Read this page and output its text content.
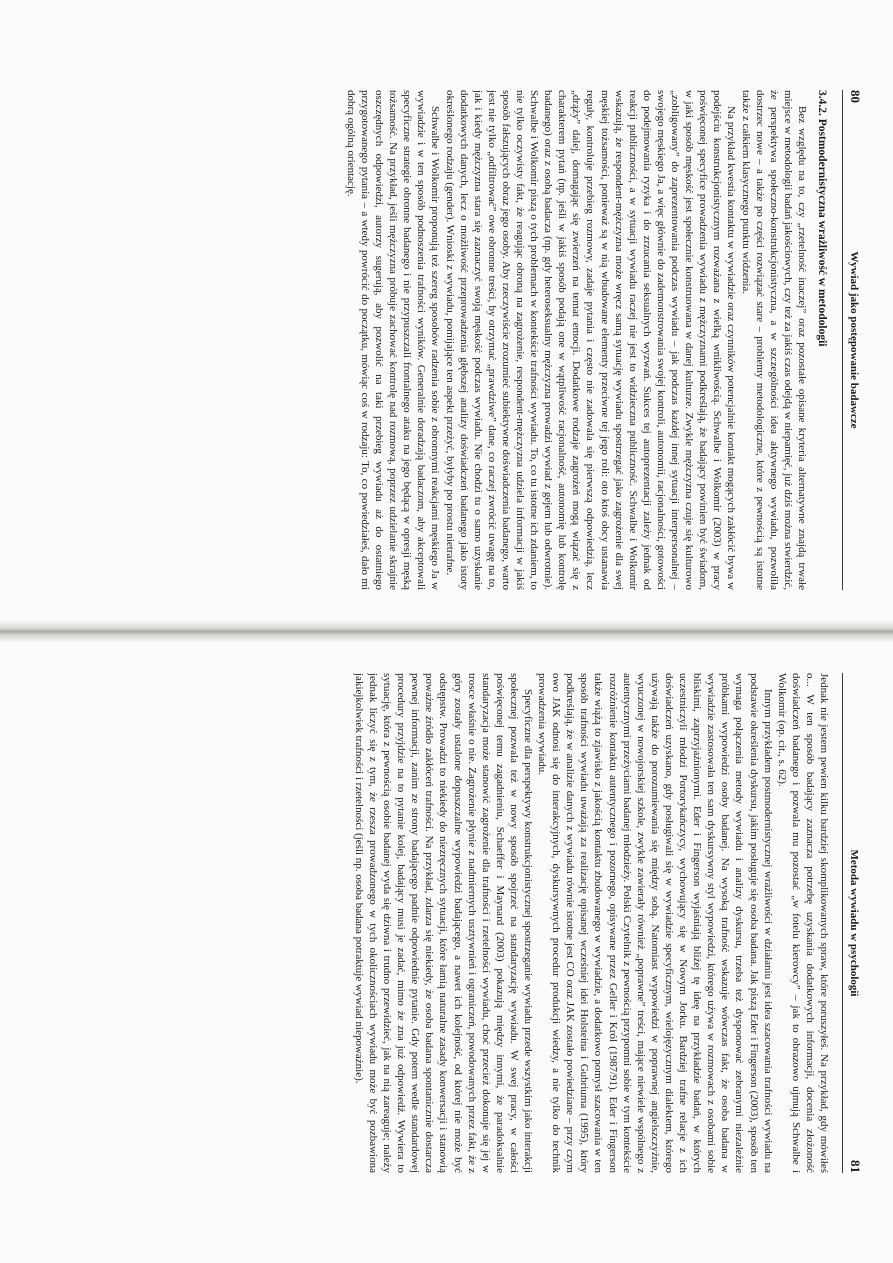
80
Wywiad jako postępowanie badawcze
3.4.2. Postmodernistyczna wrażliwość w metodologii

Bez względu na to, czy „rzetelność inaczej” oraz pozostałe opisane kryteria alternatywne znajdą trwałe miejsce w metodologii badań jakościowych, czy też za jakiś czas odejdą w niepamięć, już dziś można stwierdzić, że perspektywa społeczno-konstrukcjonistyczna, a w szczególności idea aktywnego wywiadu, pozwoliła dostrzec nowe – a także po części rozwiązać stare – problemy metodologiczne, które z pewnością są istotne także z całkiem klasycznego punktu widzenia.

Na przykład kwestia kontaktu w wywiadzie oraz czynników potencjalnie kontakt mogących zakłócić bywa w podejściu konstrukcjonistycznym rozważana z wielką wnikliwością. Schwalbe i Wolkomir (2003) w pracy poświęconej specyfice prowadzenia wywiadu z mężczyznami podkreślają, że badający powinien być świadom, w jaki sposób męskość jest społecznie konstruowana w danej kulturze. Zwykle mężczyzna czuje się kulturowo „zobligowany” do zaprezentowania podczas wywiadu – jak podczas każdej innej sytuacji interpersonalnej – swojego męskiego Ja, a więc głównie do zademonstrowania swojej kontroli, autonomii, racjonalności, gotowości do podejmowania ryzyka i do zrzucania seksualnych wyzwań. Sukces tej autoprezentacji zależy jednak od reakcji publiczności, a w sytuacji wywiadu raczej nie jest to widzieczna publiczność. Schwalbe i Wolkomir wskazują, że respondent-mężczyzna może wręcz samą sytuację wywiadu spostrzegać jako zagrożenie dla swej męskiej tożsamości, ponieważ są w nią wbudowane elementy przeciwne tej jego roli: oto ktoś obcy ustanawia reguły, kontroluje przebieg rozmowy, zadaje pytania i często nie zadowala się pierwszą odpowiedzią, lecz „drąży” dalej, domagając się zwierzeń na temat emocji. Dodatkowe rodzaje zagrożeń mogą wiązać się z charakterem pytań (np. jeśli w jakiś sposób podają one w wątpliwość racjonalność, autonomię lub kontrolę badanego) oraz z osobą badacza (np. gdy heteroseksualny mężczyzna prowadzi wywiad z gejem lub odwrotnie). Schwalbe i Wolkomir piszą o tych problemach w kontekście trafności wywiadu. To, co tu istotne ich zdaniem, to nie tylko oczywisty fakt, że reagując obroną na zagrożenie, respondent-mężczyzna udziela informacji w jakiś sposób fałszujących obraz jego osoby. Aby rzeczywiście zrozumieć subiektywne doświadczenia badanego, warto jest nie tylko „odfiltrować” owe obronne treści, by otrzymać „prawdziwe” dane, co raczej zwrócić uwagę na to, jak i kiedy mężczyzna stara się zaznaczyć swoją męskość podczas wywiadu. Nie chodzi tu o samo uzyskanie dodatkowych danych, lecz o możliwość przeprowadzenia głębszej analizy doświadczeń badanego jako istoty określonego rodzaju (gender). Wnioski z wywiadu, pomijające ten aspekt przeżyć, byłyby po prostu nietrafne.

Schwalbe i Wolkomir proponują też szereg sposobów radzenia sobie z obronnymi reakcjami męskiego Ja w wywiadzie i w ten sposób podnoszenia trafności wyników. Generalnie doradzają badaczom, aby akceptowali specyficzne strategie obronne badanego i nie przypuszczali frontalnego ataku na jego będącą w opresji męską tożsamość. Na przykład, jeśli mężczyzna próbuje zachować kontrolę nad rozmową, poprzez udzielanie skrajnie oszczędnych odpowiedzi, autorzy sugerują, aby pozwolić na taki przebieg wywiadu aż do ostatniego przygotowanego pytania – a wtedy powrócić do początku, mówiąc coś w rodzaju: To, co powiedziałeś, dało mi dobrą ogólną orientację.

Metoda wywiadu w psychologii
81

Jednak nie jestem pewien kilku bardziej skomplikowanych spraw, które poruszyłeś. Na przykład, gdy mówiłeś o... W ten sposób badający zaznacza potrzebę uzyskania dodatkowych informacji, docenia złożoność doświadczeń badanego i pozwala mu pozostać „w fotelu kierowcy” – jak to obrazowo ujmują Schwalbe i Wolkomir (op. cit., s. 62).

Innym przykładem postmodernistycznej wrażliwości w działaniu jest idea szacowania trafności wywiadu na podstawie określenia dyskursu, jakim posługuje się osoba badana. Jak piszą Eder i Fingerson (2003), sposób ten wymaga połączenia metody wywiadu i analizy dyskursu, trzeba też dysponować zebranymi niezależnie próbkami wypowiedzi osoby badanej. Na wysoką trafność wskazuje wówczas fakt, że osoba badana w wywiadzie zastosowała ten sam dyskursywny styl wypowiedzi, którego używa w rozmowach z osobami sobie bliskimi, zaprzyjaźnionymi. Eder i Fingerson wyjaśniają bliżej tę ideę na przykładzie badań, w których uczestniczyli młodzi Portorykańczycy, wychowujący się w Nowym Jorku. Bardziej trafne relacje z ich doświadczeń uzyskano, gdy posługiwali się w wywiadzie specyficznym, wielojęzycznym dialektem, którego używają także do porozumiewania się między sobą. Natomiast wypowiedzi w poprawnej angielszczyźnie, wyuczonej w nowojorskiej szkole, zwykle zawierały również „poprawne” treści, mające niewiele wspólnego z autentycznymi przeżyciami badanej młodzieży. Polski Czytelnik z pewnością przypomni sobie w tym kontekście rozróżnienie kontaktu autentycznego i pozornego, opisywane przez Geller i Król (1987/91). Eder i Fingerson także wiążą to zjawisko z jakością kontaktu zbudowanego w wywiadzie, a dodatkowo pomysł szacowania w ten sposób trafności wywiadu uważają za realizację opisanej wcześniej idei Holsteina i Gubriuma (1995), który podkreślają, że w analizie danych z wywiadu równie istotne jest CO oraz JAK zostało powiedziane – przy czym owo JAK odnosi się do interakcyjnych, dyskursywnych procedur produkcji wiedzy, a nie tylko do technik prowadzenia wywiadu.

Specyficzne dla perspektywy konstrukcjonistycznej spostrzeganie wywiadu przede wszystkim jako interakcji społecznej pozwala też w nowy sposób spojrzeć na standaryzację wywiadu. W swej pracy, w całości poświęconej temu zagadnieniu, Schaeffer i Maynard (2003) pokazują między innymi, że paradoksalnie standaryzacja może stanowić zagrożenie dla trafności i rzetelności wywiadu, choć przecież dokonuje się jej w trosce właśnie o nie. Zagrożenie płynie z nadmiernych usztywnień i ograniczeń, powodowanych przez fakt, że z góry zostały ustalone dopuszczalne wypowiedzi badającego, a nawet ich kolejność, od której nie może być odstępstw. Prowadzi to niekiedy do niezręcznych sytuacji, które łamią naturalne zasady konwersacji i stanowią poważne źródło zakłóceń trafności. Na przykład, zdarza się niekiedy, że osoba badana spontanicznie dostarcza pewnej informacji, zanim ze strony badającego padnie odpowiednie pytanie. Gdy potem wedle standardowej procedury przyjdzie na to pytanie kolej, badający musi je zadać, mimo że zna już odpowiedź. Wywiera to sytuację, która z pewnością osobie badanej wyda się dziwna i trudno przewidzieć, jak na nią zareaguje; należy jednak liczyć się z tym, że rzesza prowadzonego w tych okolicznościach wywiadu może być pozbawiona jakiejkolwiek trafności i rzetelności (jeśli np. osoba badana potraktuje wywiad niepoważnie).
